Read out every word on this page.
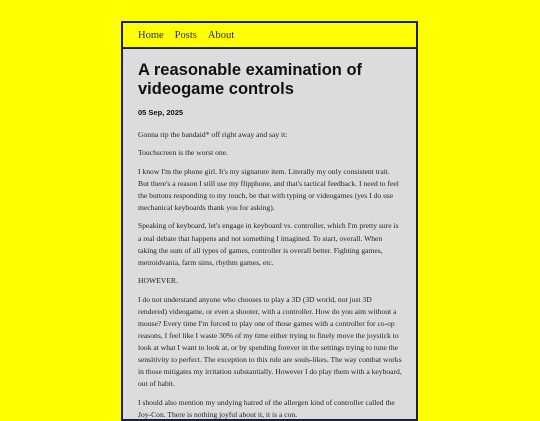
Home Posts About
A reasonable examination of videogame controls
05 Sep, 2025

Gonna rip the bandaid* off right away and say it:

Touchscreen is the worst one.

I know I'm the phone girl. It's my signature item. Literally my only consistent trait. But there's a reason I still use my flipphone, and that's tactical feedback. I need to feel the buttons responding to my touch, be that with typing or videogames (yes I do use mechanical keyboards thank you for asking).

Speaking of keyboard, let's engage in keyboard vs. controller, which I'm pretty sure is a real debate that happens and not something I imagined. To start, overall. When taking the sum of all types of games, controller is overall better. Fighting games, metroidvania, farm sims, rhythm games, etc.

HOWEVER.

I do not understand anyone who chooses to play a 3D (3D world, not just 3D rendered) videogame, or even a shooter, with a controller. How do you aim without a mouse? Every time I'm forced to play one of those games with a controller for co-op reasons, I feel like I waste 30% of my time either trying to finely move the joystick to look at what I want to look at, or by spending forever in the settings trying to tune the sensitivity to perfect. The exception to this rule are souls-likes. The way combat works in those mitigates my irritation substantially. However I do play them with a keyboard, out of habit.

I should also mention my undying hatred of the allergen kind of controller called the Joy-Con. There is nothing joyful about it, it is a con.
